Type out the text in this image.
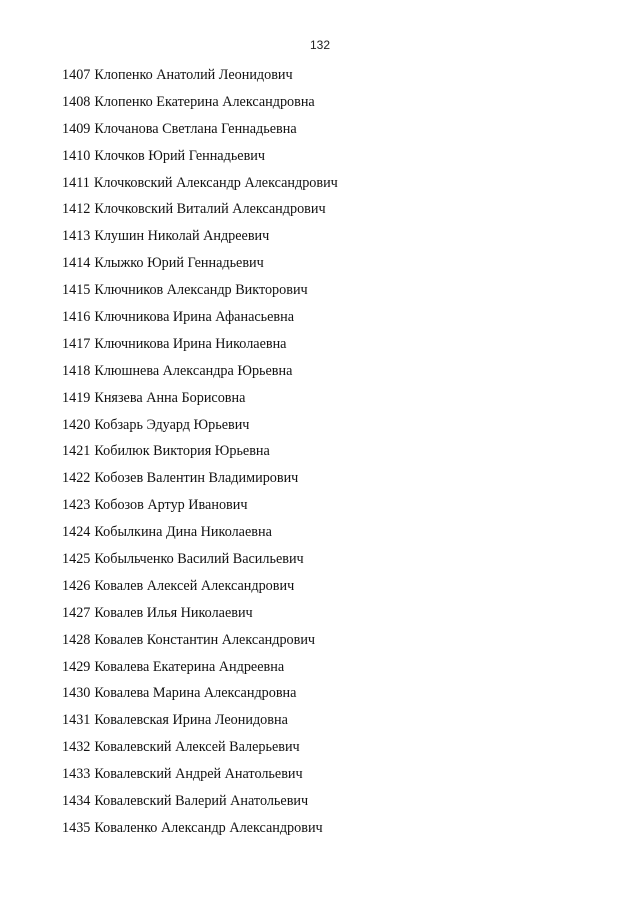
132
1407 Клопенко Анатолий Леонидович
1408 Клопенко Екатерина Александровна
1409 Клочанова Светлана Геннадьевна
1410 Клочков Юрий Геннадьевич
1411 Клочковский Александр Александрович
1412 Клочковский Виталий Александрович
1413 Клушин Николай Андреевич
1414 Клыжко Юрий Геннадьевич
1415 Ключников Александр Викторович
1416 Ключникова Ирина Афанасьевна
1417 Ключникова Ирина Николаевна
1418 Клюшнева Александра Юрьевна
1419 Князева Анна Борисовна
1420 Кобзарь Эдуард Юрьевич
1421 Кобилюк Виктория Юрьевна
1422 Кобозев Валентин Владимирович
1423 Кобозов Артур Иванович
1424 Кобылкина Дина Николаевна
1425 Кобыльченко Василий Васильевич
1426 Ковалев Алексей Александрович
1427 Ковалев Илья Николаевич
1428 Ковалев Константин Александрович
1429 Ковалева Екатерина Андреевна
1430 Ковалева Марина Александровна
1431 Ковалевская Ирина Леонидовна
1432 Ковалевский Алексей Валерьевич
1433 Ковалевский Андрей Анатольевич
1434 Ковалевский Валерий Анатольевич
1435 Коваленко Александр Александрович
